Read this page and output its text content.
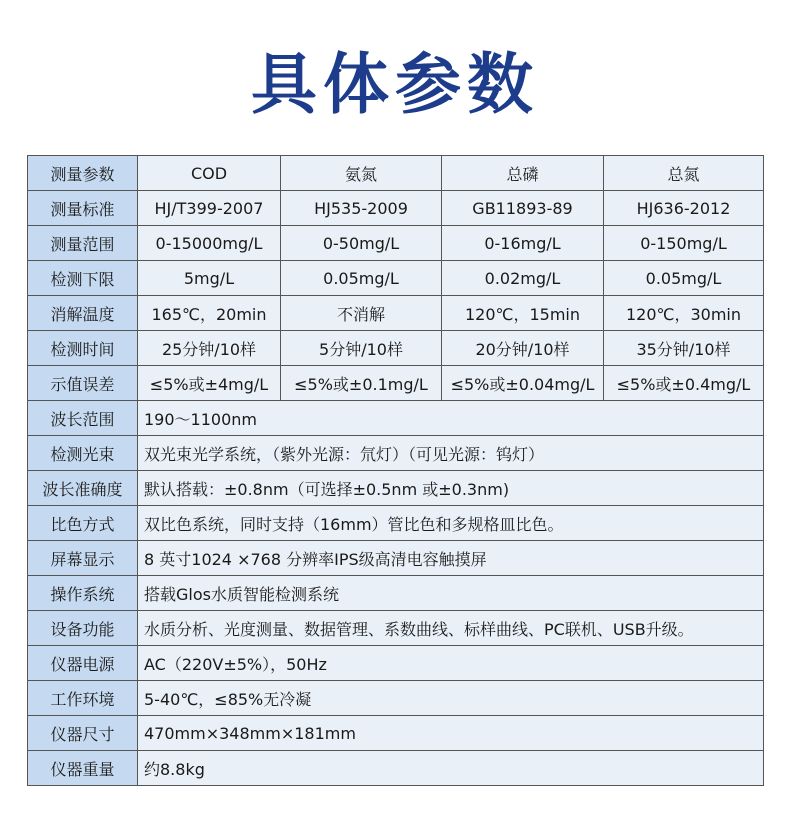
具体参数
测量参数	COD	氨氮	总磷	总氮
测量标准	HJ/T399-2007	HJ535-2009	GB11893-89	HJ636-2012
测量范围	0-15000mg/L	0-50mg/L	0-16mg/L	0-150mg/L
检测下限	5mg/L	0.05mg/L	0.02mg/L	0.05mg/L
消解温度	165℃，20min	不消解	120℃，15min	120℃，30min
检测时间	25分钟/10样	5分钟/10样	20分钟/10样	35分钟/10样
示值误差	≤5%或±4mg/L	≤5%或±0.1mg/L	≤5%或±0.04mg/L	≤5%或±0.4mg/L
波长范围	190～1100nm			
检测光束	双光束光学系统，（紫外光源：氘灯）（可见光源：钨灯）			
波长准确度	默认搭载：±0.8nm（可选择±0.5nm 或±0.3nm)			
比色方式	双比色系统，同时支持（16mm）管比色和多规格皿比色。			
屏幕显示	8 英寸1024 ×768 分辨率IPS级高清电容触摸屏			
操作系统	搭载Glos水质智能检测系统			
设备功能	水质分析、光度测量、数据管理、系数曲线、标样曲线、PC联机、USB升级。			
仪器电源	AC（220V±5%），50Hz			
工作环境	5-40℃，≤85%无冷凝			
仪器尺寸	470mm×348mm×181mm			
仪器重量	约8.8kg			
